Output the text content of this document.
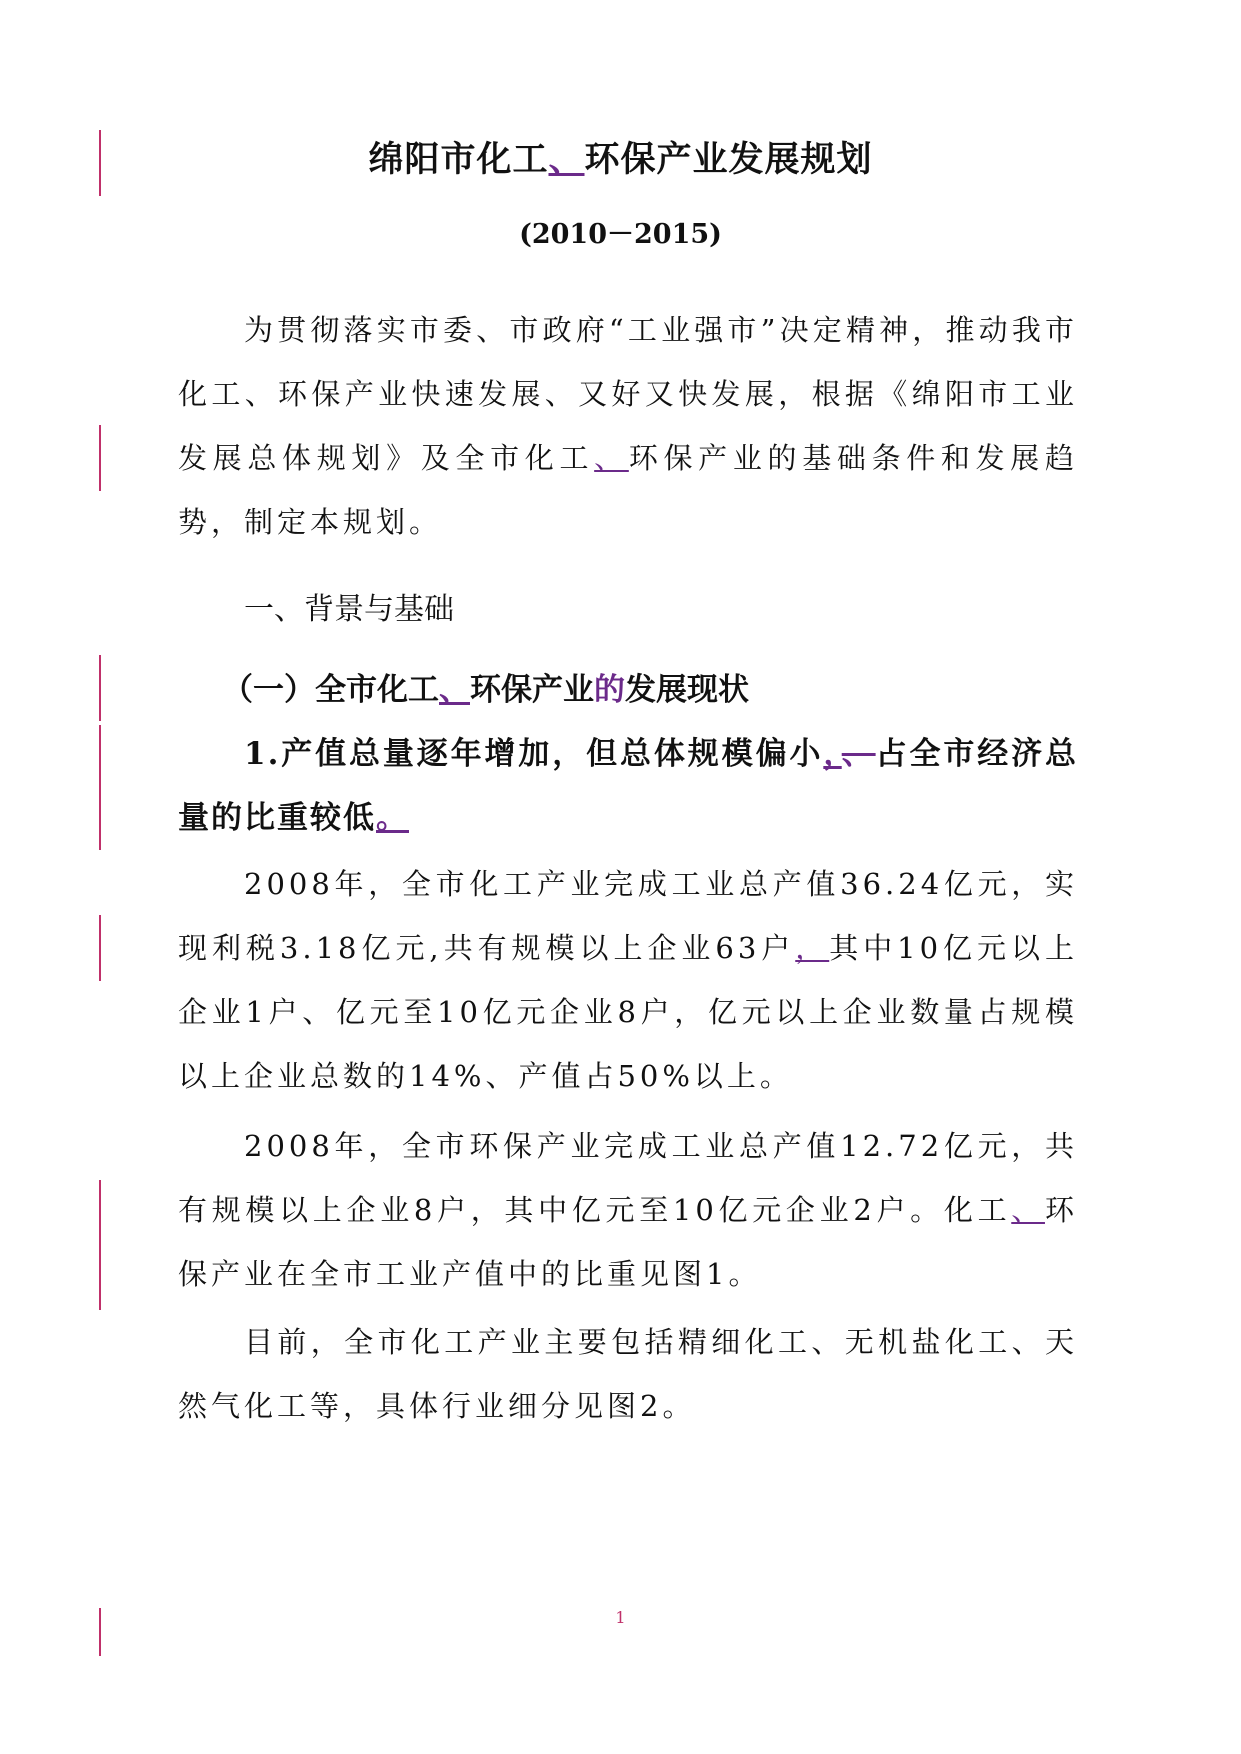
绵阳市化工、环保产业发展规划

(2010－2015)

为贯彻落实市委、市政府“工业强市”决定精神，推动我市化工、环保产业快速发展、又好又快发展，根据《绵阳市工业发展总体规划》及全市化工、环保产业的基础条件和发展趋势，制定本规划。

一、背景与基础
（一）全市化工、环保产业的发展现状
1.产值总量逐年增加，但总体规模偏小，、占全市经济总量的比重较低。

2008年，全市化工产业完成工业总产值36.24亿元，实现利税3.18亿元,共有规模以上企业63户，其中10亿元以上企业1户、亿元至10亿元企业8户，亿元以上企业数量占规模以上企业总数的14%、产值占50%以上。

2008年，全市环保产业完成工业总产值12.72亿元，共有规模以上企业8户，其中亿元至10亿元企业2户。化工、环保产业在全市工业产值中的比重见图1。

目前，全市化工产业主要包括精细化工、无机盐化工、天然气化工等，具体行业细分见图2。

1
